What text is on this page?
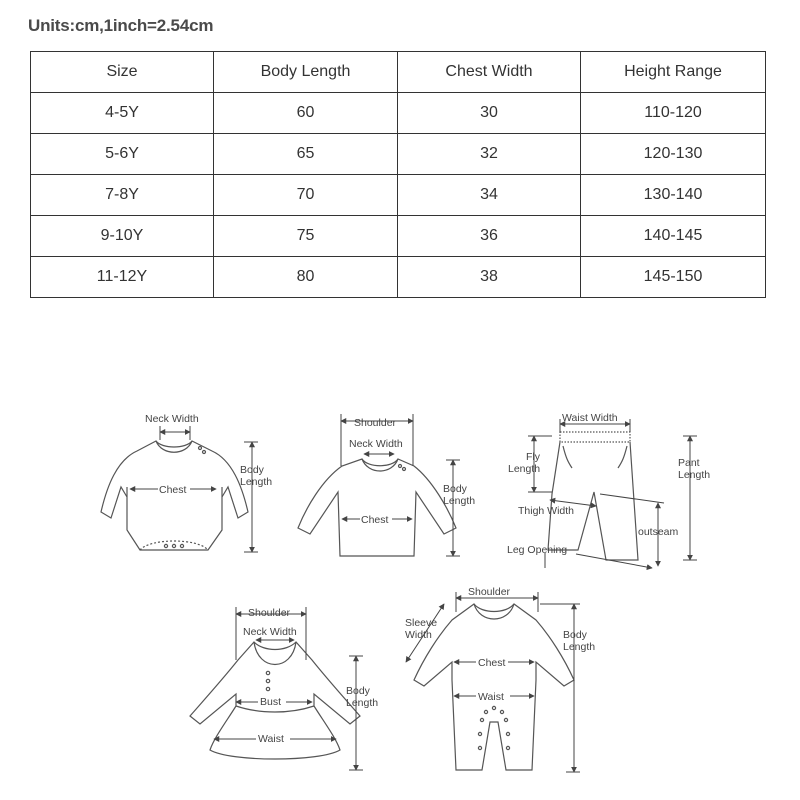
Units:cm,1inch=2.54cm
Size	Body Length	Chest Width	Height Range
4-5Y	60	30	110-120
5-6Y	65	32	120-130
7-8Y	70	34	130-140
9-10Y	75	36	140-145
11-12Y	80	38	145-150
Neck Width
Chest
Body
Length
Shoulder
Neck Width
Chest
Body
Length
Waist Width
Fly
Length	Pant
Length
Thigh Width
outseam
Leg Opening
Shoulder
Neck Width
Bust
Waist
Body
Length
Shoulder
Sleeve
Width
Chest
Waist
Body
Length
